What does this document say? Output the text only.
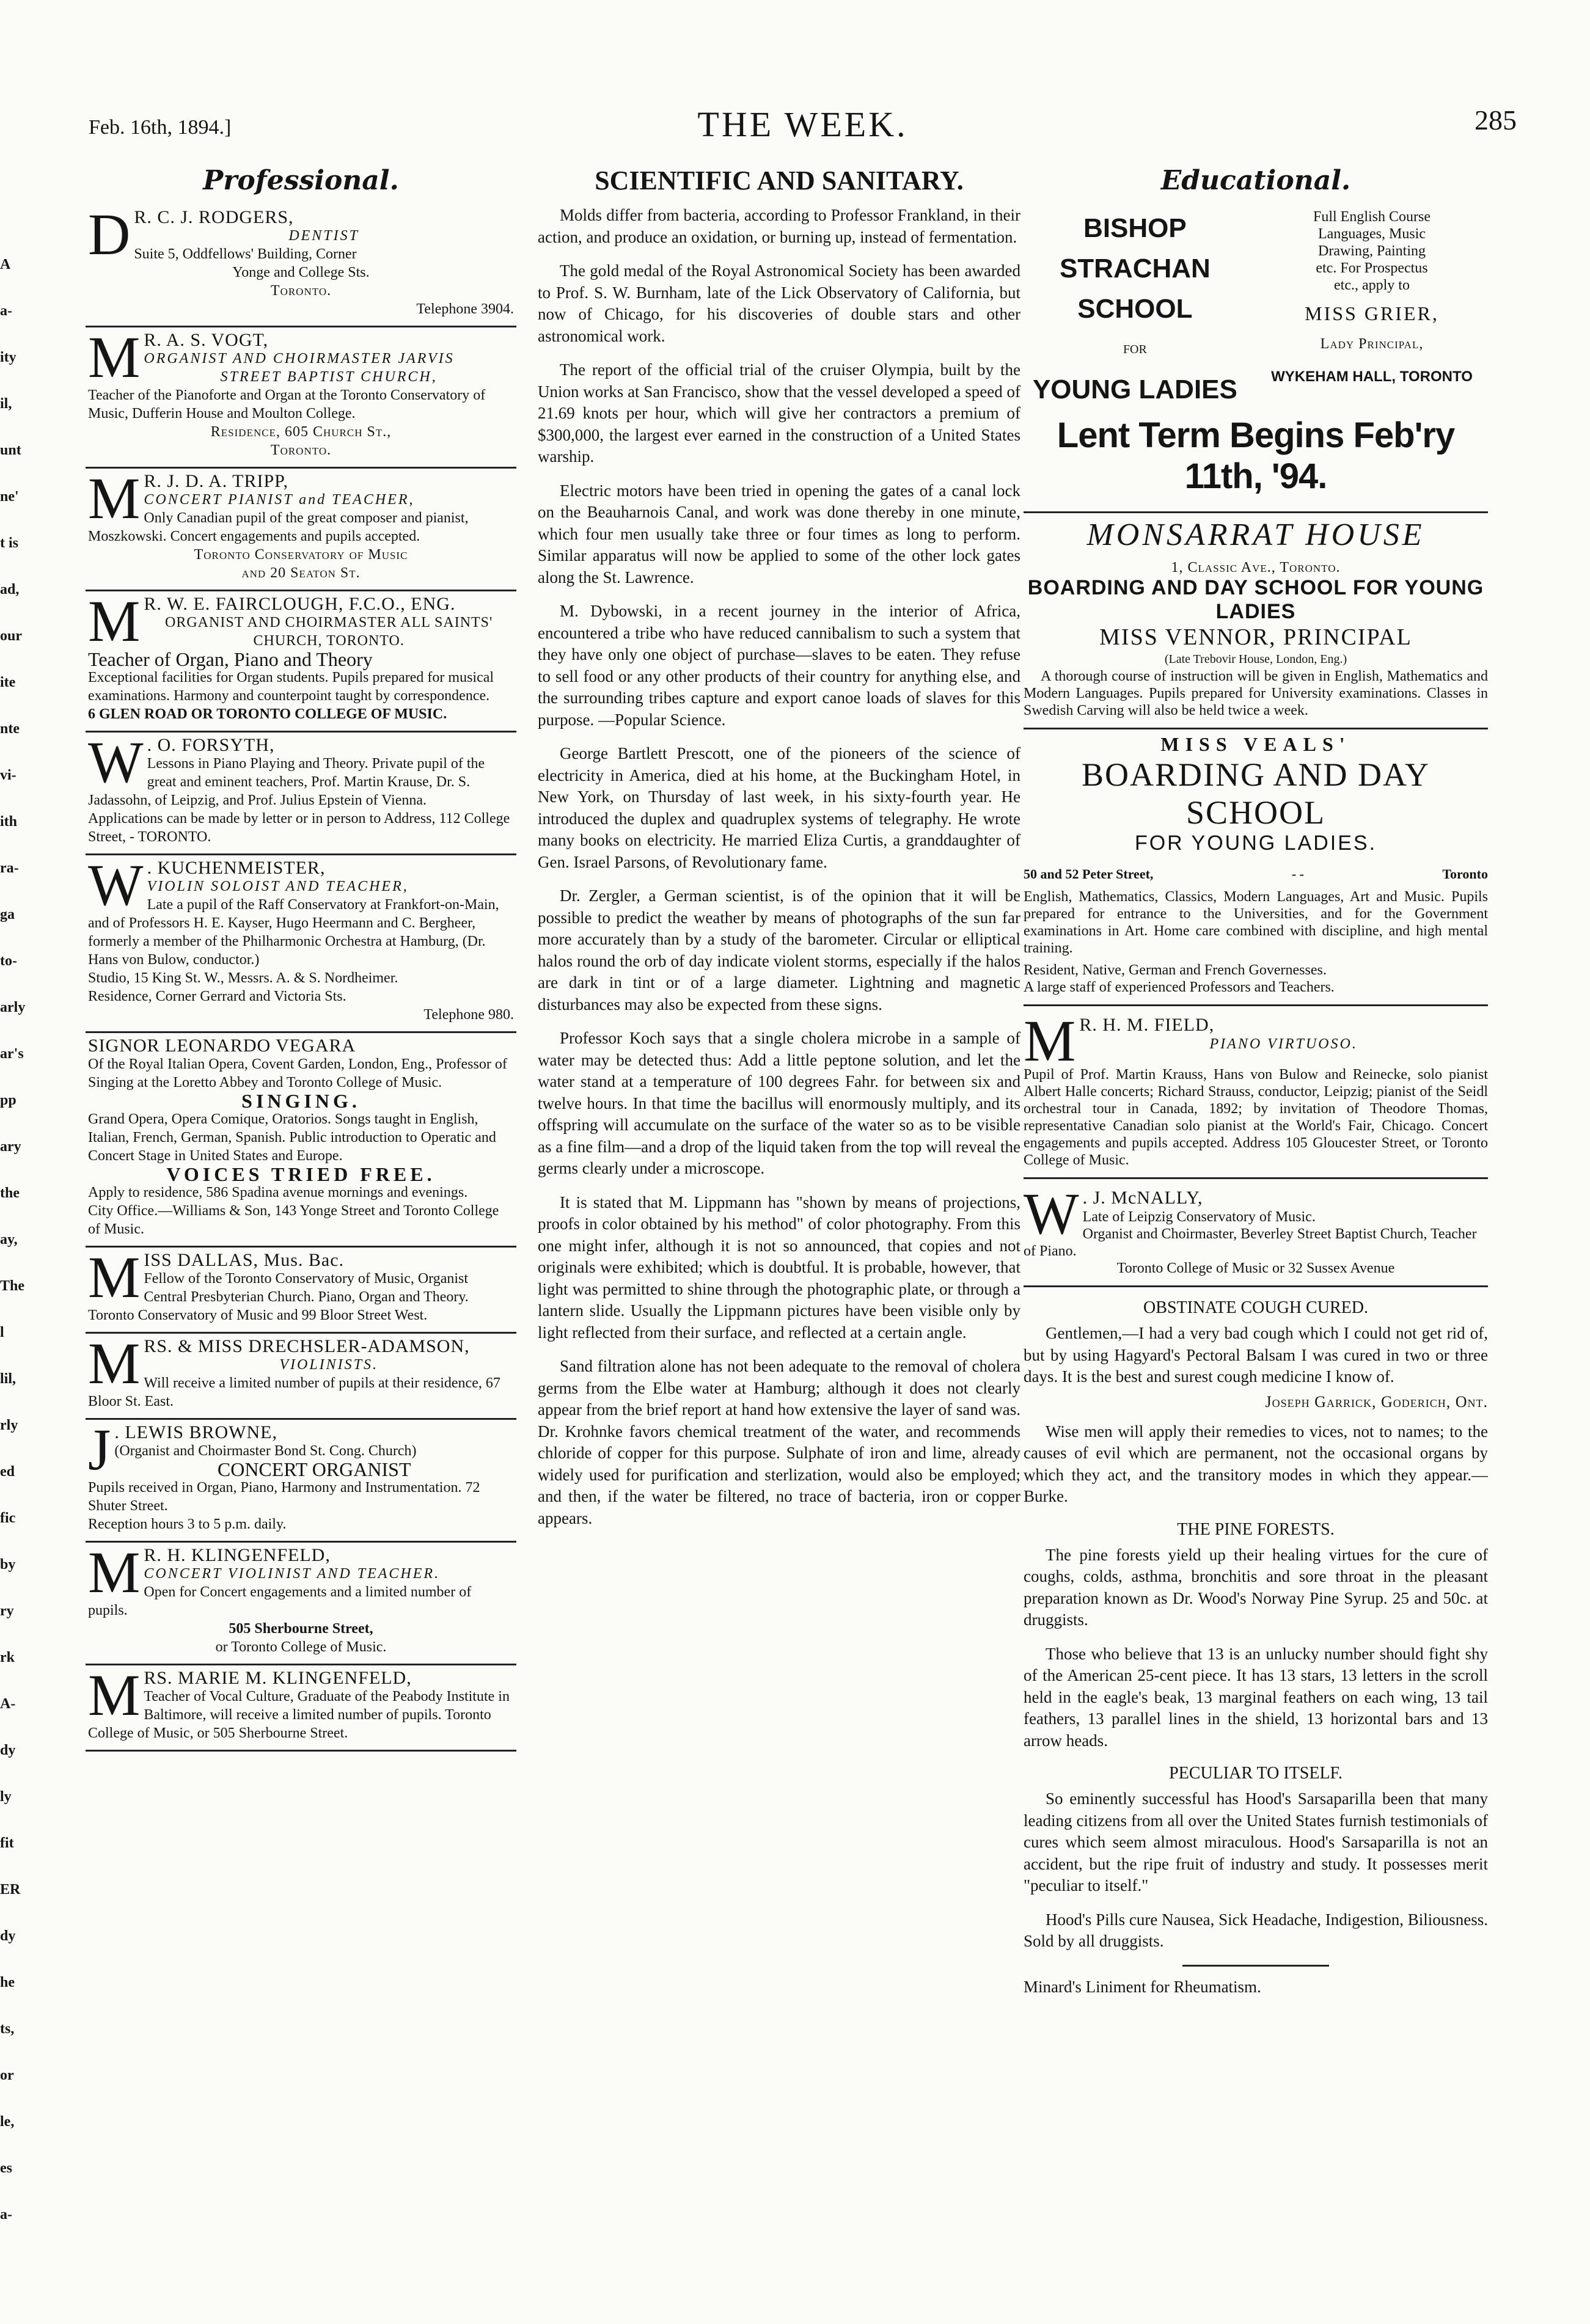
A
a-
ity
il,
unt
ne'
t is
ad,
our
ite
nte
vi-
ith
ra-
ga
to-
arly
ar's
pp
ary
the
ay,
The
l
lil,
rly
ed
fic
by
ry
rk
A-
dy
ly
fit
ER
dy
he
ts,
or
le,
es
a-
Feb. 16th, 1894.]	THE WEEK.	285
Professional.
D R. C. J. RODGERS,
DENTIST
Suite 5, Oddfellows' Building, Corner
Yonge and College Sts.
Toronto.
Telephone 3904.
M R. A. S. VOGT,
ORGANIST AND CHOIRMASTER JARVIS
STREET BAPTIST CHURCH,
Teacher of the Pianoforte and Organ at the Toronto Conservatory of Music, Dufferin House and Moulton College.
Residence, 605 Church St.,
Toronto.
M R. J. D. A. TRIPP,
CONCERT PIANIST and TEACHER,
Only Canadian pupil of the great composer and pianist, Moszkowski. Concert engagements and pupils accepted.
Toronto Conservatory of Music
and 20 Seaton St.
M R. W. E. FAIRCLOUGH, F.C.O., ENG.
ORGANIST AND CHOIRMASTER ALL SAINTS' CHURCH, TORONTO.
Teacher of Organ, Piano and Theory
Exceptional facilities for Organ students. Pupils prepared for musical examinations. Harmony and counterpoint taught by correspondence.
6 GLEN ROAD OR TORONTO COLLEGE OF MUSIC.
W . O. FORSYTH,
Lessons in Piano Playing and Theory. Private pupil of the great and eminent teachers, Prof. Martin Krause, Dr. S. Jadassohn, of Leipzig, and Prof. Julius Epstein of Vienna.
Applications can be made by letter or in person to Address, 112 College Street, - TORONTO.
W . KUCHENMEISTER,
VIOLIN SOLOIST AND TEACHER,
Late a pupil of the Raff Conservatory at Frankfort-on-Main, and of Professors H. E. Kayser, Hugo Heermann and C. Bergheer, formerly a member of the Philharmonic Orchestra at Hamburg, (Dr. Hans von Bulow, conductor.)
Studio, 15 King St. W., Messrs. A. & S. Nordheimer.
Residence, Corner Gerrard and Victoria Sts.
Telephone 980.
SIGNOR LEONARDO VEGARA
Of the Royal Italian Opera, Covent Garden, London, Eng., Professor of Singing at the Loretto Abbey and Toronto College of Music.
SINGING.
Grand Opera, Opera Comique, Oratorios. Songs taught in English, Italian, French, German, Spanish. Public introduction to Operatic and Concert Stage in United States and Europe.
VOICES TRIED FREE.
Apply to residence, 586 Spadina avenue mornings and evenings.
City Office.—Williams & Son, 143 Yonge Street and Toronto College of Music.
M ISS DALLAS, Mus. Bac.
Fellow of the Toronto Conservatory of Music, Organist Central Presbyterian Church. Piano, Organ and Theory. Toronto Conservatory of Music and 99 Bloor Street West.
M RS. & MISS DRECHSLER-ADAMSON,
VIOLINISTS.
Will receive a limited number of pupils at their residence, 67 Bloor St. East.
J . LEWIS BROWNE,
(Organist and Choirmaster Bond St. Cong. Church)
CONCERT ORGANIST
Pupils received in Organ, Piano, Harmony and Instrumentation. 72 Shuter Street.
Reception hours 3 to 5 p.m. daily.
M R. H. KLINGENFELD,
CONCERT VIOLINIST AND TEACHER.
Open for Concert engagements and a limited number of pupils.
505 Sherbourne Street,
or Toronto College of Music.
M RS. MARIE M. KLINGENFELD,
Teacher of Vocal Culture, Graduate of the Peabody Institute in Baltimore, will receive a limited number of pupils. Toronto College of Music, or 505 Sherbourne Street.
SCIENTIFIC AND SANITARY.

Molds differ from bacteria, according to Professor Frankland, in their action, and produce an oxidation, or burning up, instead of fermentation.

The gold medal of the Royal Astronomical Society has been awarded to Prof. S. W. Burnham, late of the Lick Observatory of California, but now of Chicago, for his discoveries of double stars and other astronomical work.

The report of the official trial of the cruiser Olympia, built by the Union works at San Francisco, show that the vessel developed a speed of 21.69 knots per hour, which will give her contractors a premium of $300,000, the largest ever earned in the construction of a United States warship.

Electric motors have been tried in opening the gates of a canal lock on the Beauharnois Canal, and work was done thereby in one minute, which four men usually take three or four times as long to perform. Similar apparatus will now be applied to some of the other lock gates along the St. Lawrence.

M. Dybowski, in a recent journey in the interior of Africa, encountered a tribe who have reduced cannibalism to such a system that they have only one object of purchase—slaves to be eaten. They refuse to sell food or any other products of their country for anything else, and the surrounding tribes capture and export canoe loads of slaves for this purpose. —Popular Science.

George Bartlett Prescott, one of the pioneers of the science of electricity in America, died at his home, at the Buckingham Hotel, in New York, on Thursday of last week, in his sixty-fourth year. He introduced the duplex and quadruplex systems of telegraphy. He wrote many books on electricity. He married Eliza Curtis, a granddaughter of Gen. Israel Parsons, of Revolutionary fame.

Dr. Zergler, a German scientist, is of the opinion that it will be possible to predict the weather by means of photographs of the sun far more accurately than by a study of the barometer. Circular or elliptical halos round the orb of day indicate violent storms, especially if the halos are dark in tint or of a large diameter. Lightning and magnetic disturbances may also be expected from these signs.

Professor Koch says that a single cholera microbe in a sample of water may be detected thus: Add a little peptone solution, and let the water stand at a temperature of 100 degrees Fahr. for between six and twelve hours. In that time the bacillus will enormously multiply, and its offspring will accumulate on the surface of the water so as to be visible as a fine film—and a drop of the liquid taken from the top will reveal the germs clearly under a microscope.

It is stated that M. Lippmann has "shown by means of projections, proofs in color obtained by his method" of color photography. From this one might infer, although it is not so announced, that copies and not originals were exhibited; which is doubtful. It is probable, however, that light was permitted to shine through the photographic plate, or through a lantern slide. Usually the Lippmann pictures have been visible only by light reflected from their surface, and reflected at a certain angle.

Sand filtration alone has not been adequate to the removal of cholera germs from the Elbe water at Hamburg; although it does not clearly appear from the brief report at hand how extensive the layer of sand was. Dr. Krohnke favors chemical treatment of the water, and recommends chloride of copper for this purpose. Sulphate of iron and lime, already widely used for purification and sterlization, would also be employed; and then, if the water be filtered, no trace of bacteria, iron or copper appears.

Educational.
BISHOP
STRACHAN
SCHOOL
FOR
YOUNG LADIES
Full English Course
Languages, Music
Drawing, Painting
etc. For Prospectus
etc., apply to
MISS GRIER,
Lady Principal,
WYKEHAM HALL, TORONTO
Lent Term Begins Feb'ry 11th, '94.
MONSARRAT HOUSE
1, Classic Ave., Toronto.
BOARDING AND DAY SCHOOL FOR YOUNG LADIES
MISS VENNOR, PRINCIPAL
(Late Trebovir House, London, Eng.)
A thorough course of instruction will be given in English, Mathematics and Modern Languages. Pupils prepared for University examinations. Classes in Swedish Carving will also be held twice a week.
MISS VEALS'
BOARDING AND DAY SCHOOL
FOR YOUNG LADIES.
50 and 52 Peter Street,	- -	Toronto
English, Mathematics, Classics, Modern Languages, Art and Music. Pupils prepared for entrance to the Universities, and for the Government examinations in Art. Home care combined with discipline, and high mental training.
Resident, Native, German and French Governesses.
A large staff of experienced Professors and Teachers.
M R. H. M. FIELD,
PIANO VIRTUOSO.
Pupil of Prof. Martin Krauss, Hans von Bulow and Reinecke, solo pianist Albert Halle concerts; Richard Strauss, conductor, Leipzig; pianist of the Seidl orchestral tour in Canada, 1892; by invitation of Theodore Thomas, representative Canadian solo pianist at the World's Fair, Chicago. Concert engagements and pupils accepted. Address 105 Gloucester Street, or Toronto College of Music.
W . J. McNALLY,
Late of Leipzig Conservatory of Music.
Organist and Choirmaster, Beverley Street Baptist Church, Teacher of Piano.
Toronto College of Music or 32 Sussex Avenue
OBSTINATE COUGH CURED.
Gentlemen,—I had a very bad cough which I could not get rid of, but by using Hagyard's Pectoral Balsam I was cured in two or three days. It is the best and surest cough medicine I know of.
Joseph Garrick, Goderich, Ont.
Wise men will apply their remedies to vices, not to names; to the causes of evil which are permanent, not the occasional organs by which they act, and the transitory modes in which they appear.—Burke.
THE PINE FORESTS.
The pine forests yield up their healing virtues for the cure of coughs, colds, asthma, bronchitis and sore throat in the pleasant preparation known as Dr. Wood's Norway Pine Syrup. 25 and 50c. at druggists.
Those who believe that 13 is an unlucky number should fight shy of the American 25-cent piece. It has 13 stars, 13 letters in the scroll held in the eagle's beak, 13 marginal feathers on each wing, 13 tail feathers, 13 parallel lines in the shield, 13 horizontal bars and 13 arrow heads.
PECULIAR TO ITSELF.
So eminently successful has Hood's Sarsaparilla been that many leading citizens from all over the United States furnish testimonials of cures which seem almost miraculous. Hood's Sarsaparilla is not an accident, but the ripe fruit of industry and study. It possesses merit "peculiar to itself."
Hood's Pills cure Nausea, Sick Headache, Indigestion, Biliousness. Sold by all druggists.
Minard's Liniment for Rheumatism.
